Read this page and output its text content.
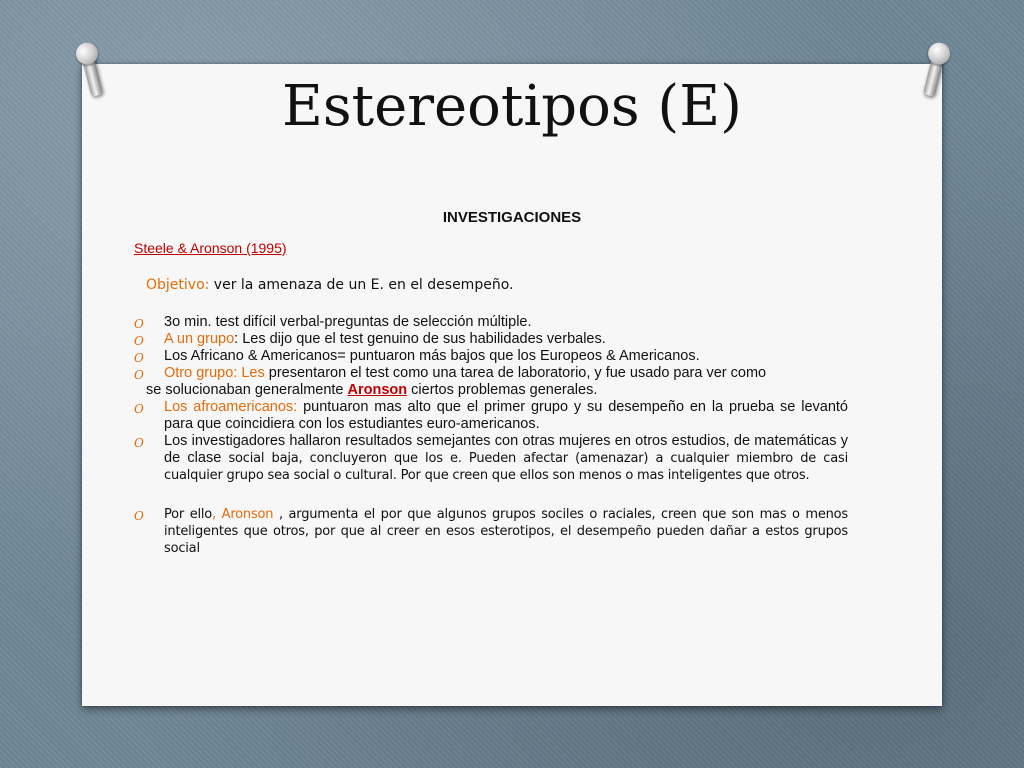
Estereotipos (E)
INVESTIGACIONES
Steele & Aronson (1995)
Objetivo: ver la amenaza de un E. en el desempeño.
O 3o min. test difícil verbal-preguntas de selección múltiple.
O A un grupo: Les dijo que el test genuino de sus habilidades verbales.
O Los Africano & Americanos= puntuaron más bajos que los Europeos & Americanos.
O Otro grupo: Les presentaron el test como una tarea de laboratorio, y fue usado para ver como
se solucionaban generalmente Aronson ciertos problemas generales.
O Los afroamericanos: puntuaron mas alto que el primer grupo y su desempeño en la prueba se levantó para que coincidiera con los estudiantes euro-americanos.
O Los investigadores hallaron resultados semejantes con otras mujeres en otros estudios, de matemáticas y de clase social baja, concluyeron que los e. Pueden afectar (amenazar) a cualquier miembro de casi cualquier grupo sea social o cultural. Por que creen que ellos son menos o mas inteligentes que otros.
O Por ello, Aronson , argumenta el por que algunos grupos sociles o raciales, creen que son mas o menos inteligentes que otros, por que al creer en esos esterotipos, el desempeño pueden dañar a estos grupos social
